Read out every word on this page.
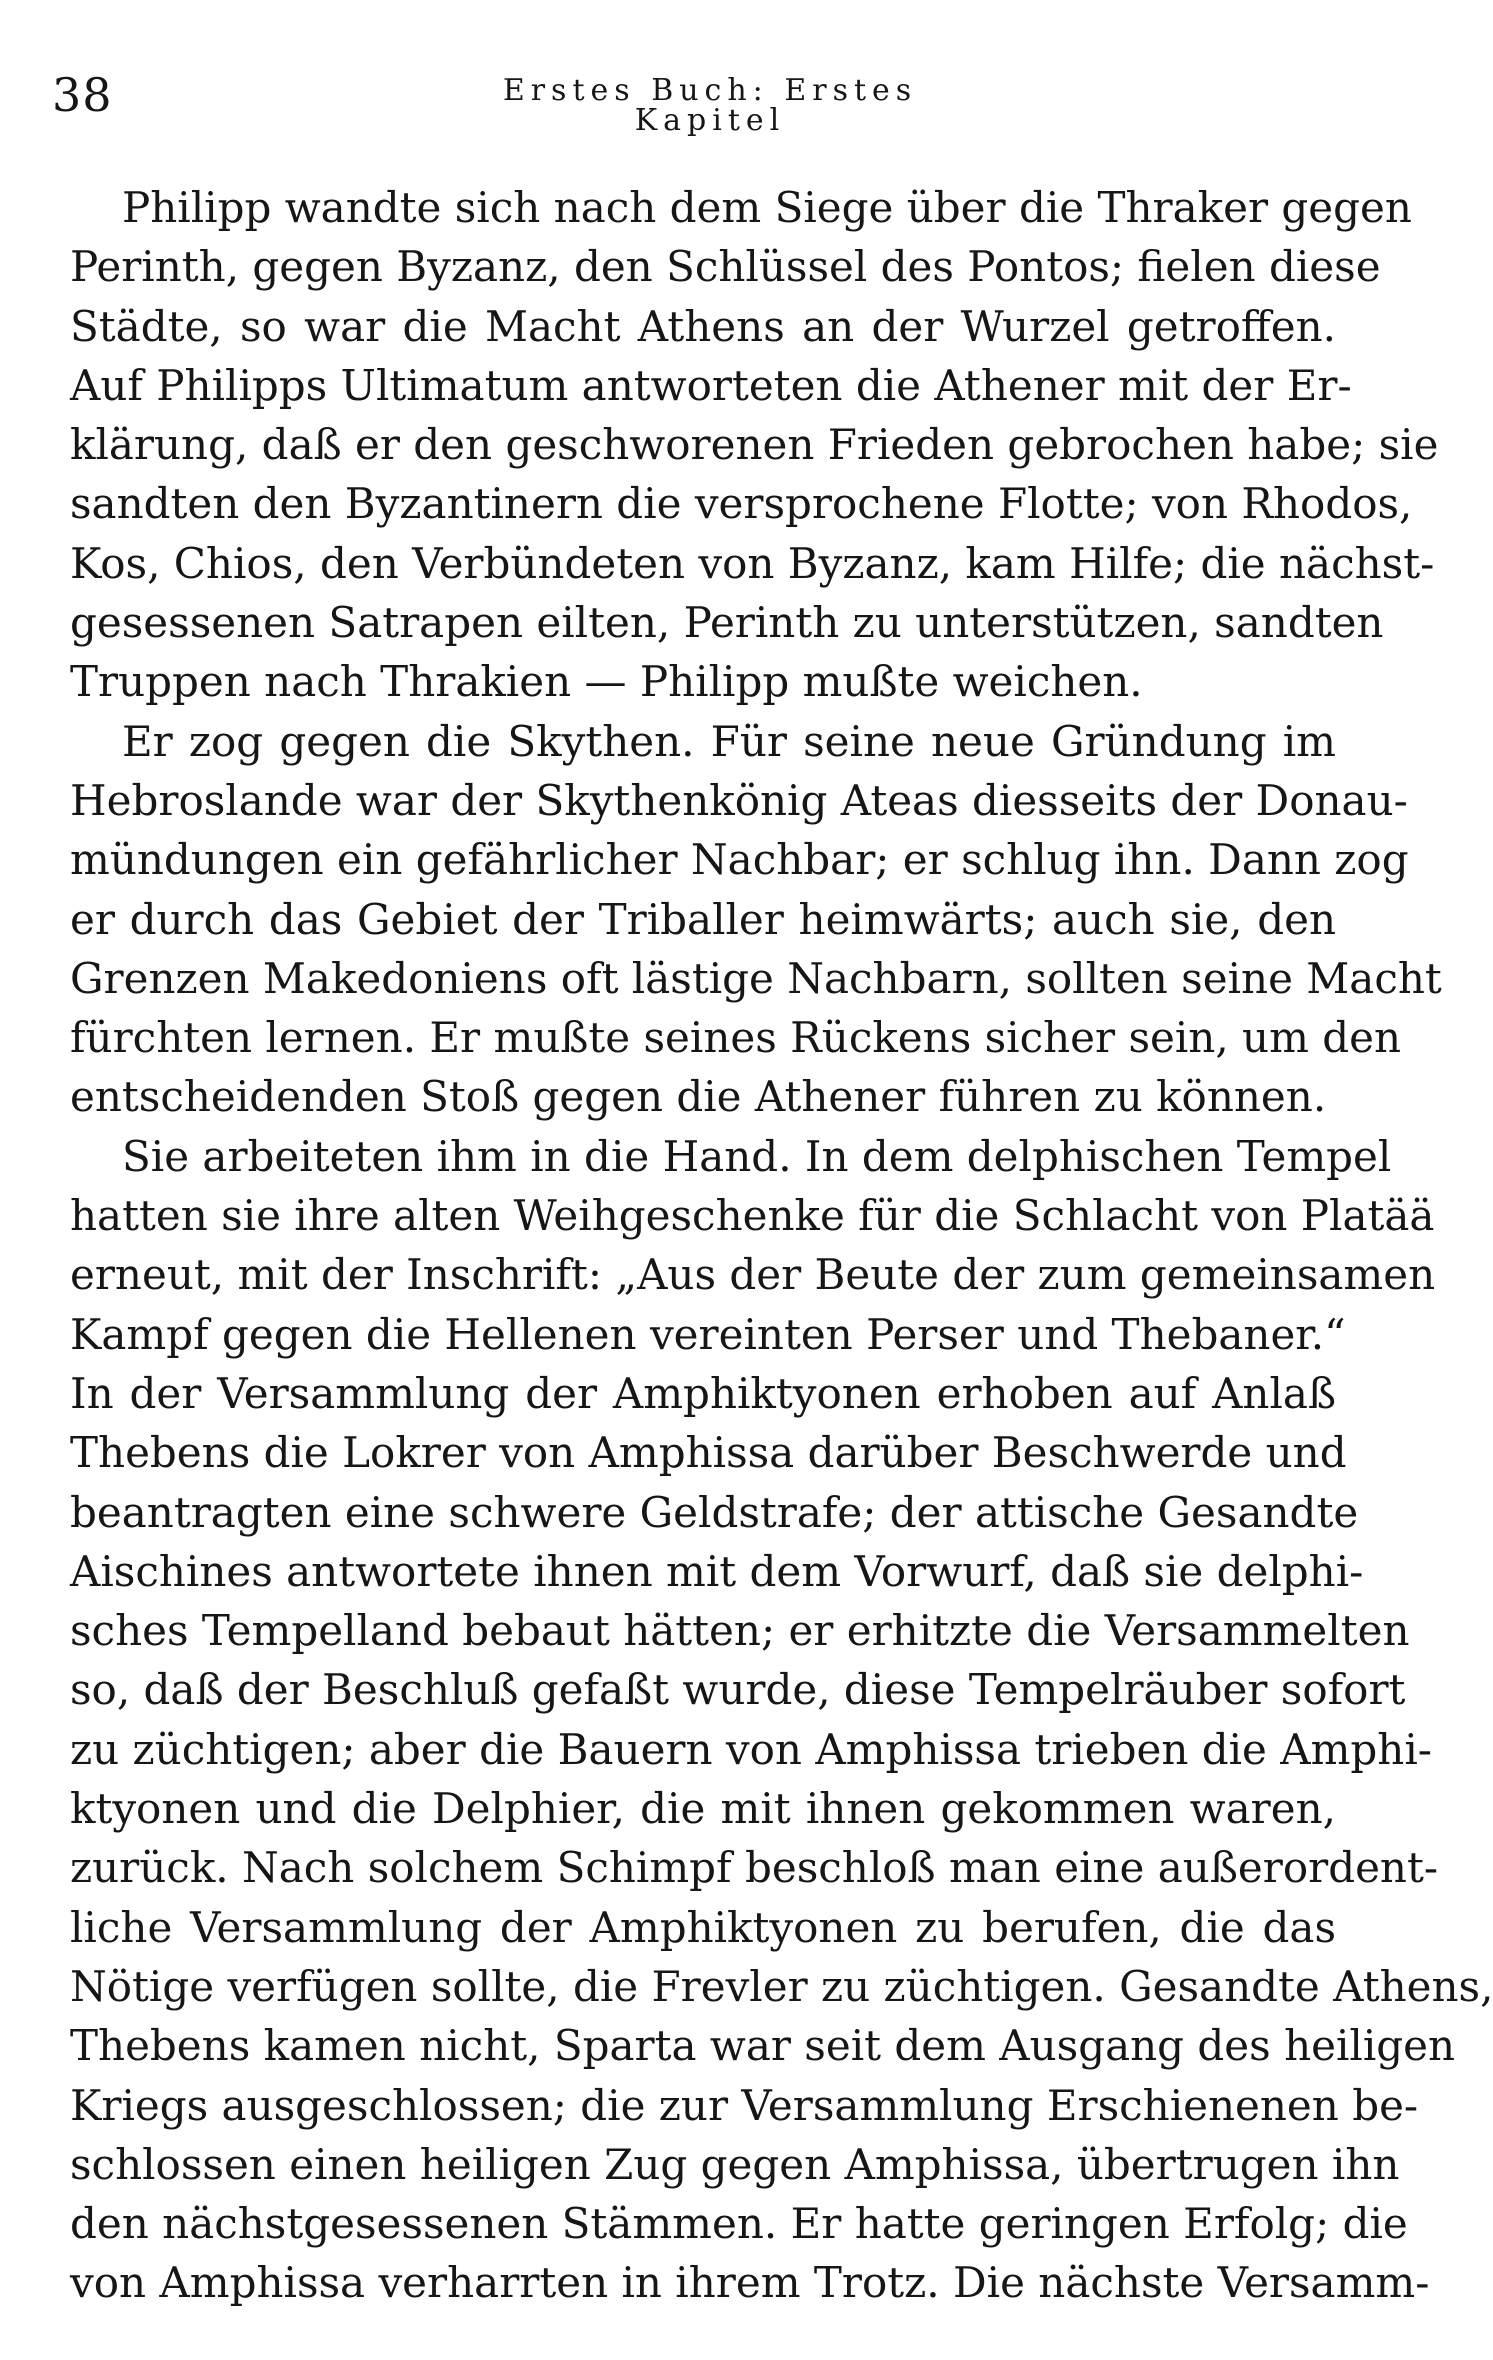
38	Erstes Buch: Erstes Kapitel
Philipp wandte sich nach dem Siege über die Thraker gegen
Perinth, gegen Byzanz, den Schlüssel des Pontos; fielen diese
Städte, so war die Macht Athens an der Wurzel getroffen.
Auf Philipps Ultimatum antworteten die Athener mit der Er-
klärung, daß er den geschworenen Frieden gebrochen habe; sie
sandten den Byzantinern die versprochene Flotte; von Rhodos,
Kos, Chios, den Verbündeten von Byzanz, kam Hilfe; die nächst-
gesessenen Satrapen eilten, Perinth zu unterstützen, sandten
Truppen nach Thrakien — Philipp mußte weichen.
Er zog gegen die Skythen. Für seine neue Gründung im
Hebroslande war der Skythenkönig Ateas diesseits der Donau-
mündungen ein gefährlicher Nachbar; er schlug ihn. Dann zog
er durch das Gebiet der Triballer heimwärts; auch sie, den
Grenzen Makedoniens oft lästige Nachbarn, sollten seine Macht
fürchten lernen. Er mußte seines Rückens sicher sein, um den
entscheidenden Stoß gegen die Athener führen zu können.
Sie arbeiteten ihm in die Hand. In dem delphischen Tempel
hatten sie ihre alten Weihgeschenke für die Schlacht von Platää
erneut, mit der Inschrift: „Aus der Beute der zum gemeinsamen
Kampf gegen die Hellenen vereinten Perser und Thebaner.“
In der Versammlung der Amphiktyonen erhoben auf Anlaß
Thebens die Lokrer von Amphissa darüber Beschwerde und
beantragten eine schwere Geldstrafe; der attische Gesandte
Aischines antwortete ihnen mit dem Vorwurf, daß sie delphi-
sches Tempelland bebaut hätten; er erhitzte die Versammelten
so, daß der Beschluß gefaßt wurde, diese Tempelräuber sofort
zu züchtigen; aber die Bauern von Amphissa trieben die Amphi-
ktyonen und die Delphier, die mit ihnen gekommen waren,
zurück. Nach solchem Schimpf beschloß man eine außerordent-
liche Versammlung der Amphiktyonen zu berufen, die das
Nötige verfügen sollte, die Frevler zu züchtigen. Gesandte Athens,
Thebens kamen nicht, Sparta war seit dem Ausgang des heiligen
Kriegs ausgeschlossen; die zur Versammlung Erschienenen be-
schlossen einen heiligen Zug gegen Amphissa, übertrugen ihn
den nächstgesessenen Stämmen. Er hatte geringen Erfolg; die
von Amphissa verharrten in ihrem Trotz. Die nächste Versamm-
